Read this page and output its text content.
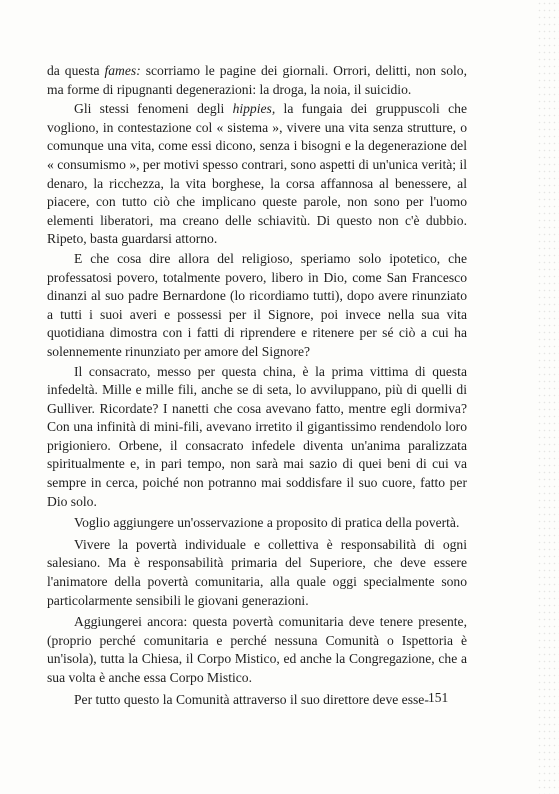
da questa fames: scorriamo le pagine dei giornali. Orrori, delitti, non solo, ma forme di ripugnanti degenerazioni: la droga, la noia, il suicidio.

Gli stessi fenomeni degli hippies, la fungaia dei gruppuscoli che vogliono, in contestazione col « sistema », vivere una vita senza strutture, o comunque una vita, come essi dicono, senza i bisogni e la degenerazione del « consumismo », per motivi spesso contrari, sono aspetti di un'unica verità; il denaro, la ricchezza, la vita borghese, la corsa affannosa al benessere, al piacere, con tutto ciò che implicano queste parole, non sono per l'uomo elementi liberatori, ma creano delle schiavitù. Di questo non c'è dubbio. Ripeto, basta guardarsi attorno.

E che cosa dire allora del religioso, speriamo solo ipotetico, che professatosi povero, totalmente povero, libero in Dio, come San Francesco dinanzi al suo padre Bernardone (lo ricordiamo tutti), dopo avere rinunziato a tutti i suoi averi e possessi per il Signore, poi invece nella sua vita quotidiana dimostra con i fatti di riprendere e ritenere per sé ciò a cui ha solennemente rinunziato per amore del Signore?

Il consacrato, messo per questa china, è la prima vittima di questa infedeltà. Mille e mille fili, anche se di seta, lo avviluppano, più di quelli di Gulliver. Ricordate? I nanetti che cosa avevano fatto, mentre egli dormiva? Con una infinità di mini-fili, avevano irretito il gigantissimo rendendolo loro prigioniero. Orbene, il consacrato infedele diventa un'anima paralizzata spiritualmente e, in pari tempo, non sarà mai sazio di quei beni di cui va sempre in cerca, poiché non potranno mai soddisfare il suo cuore, fatto per Dio solo.

Voglio aggiungere un'osservazione a proposito di pratica della povertà.

Vivere la povertà individuale e collettiva è responsabilità di ogni salesiano. Ma è responsabilità primaria del Superiore, che deve essere l'animatore della povertà comunitaria, alla quale oggi specialmente sono particolarmente sensibili le giovani generazioni.

Aggiungerei ancora: questa povertà comunitaria deve tenere presente, (proprio perché comunitaria e perché nessuna Comunità o Ispettoria è un'isola), tutta la Chiesa, il Corpo Mistico, ed anche la Congregazione, che a sua volta è anche essa Corpo Mistico.

Per tutto questo la Comunità attraverso il suo direttore deve esse- 151
